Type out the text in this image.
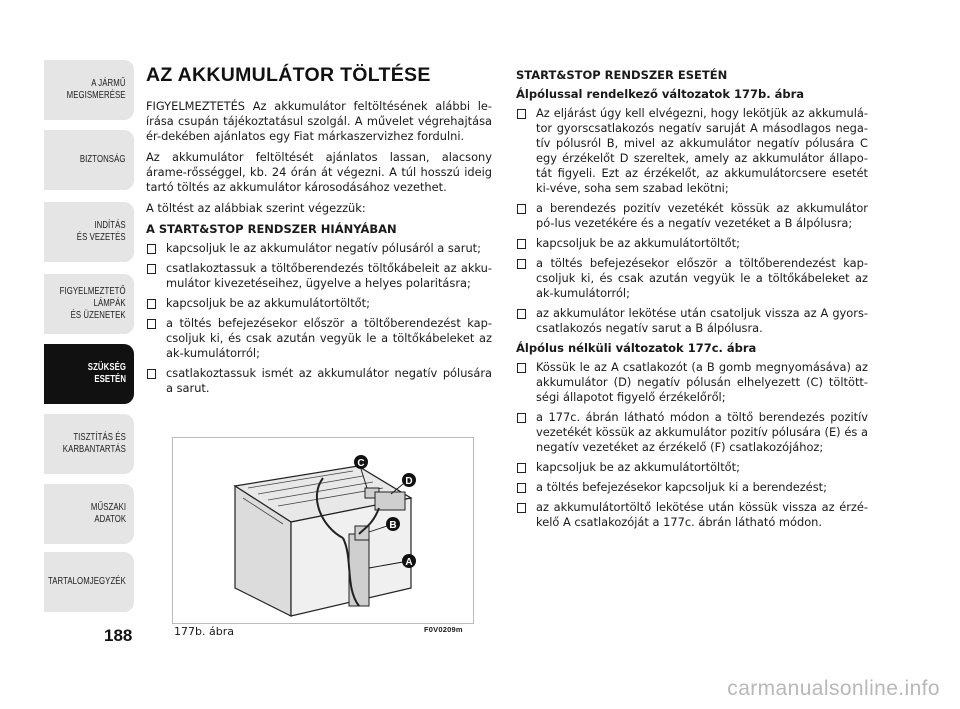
A JÁRMŰ
MEGISMERÉSE
BIZTONSÁG
INDÍTÁS
ÉS VEZETÉS
FIGYELMEZTETŐ
LÁMPÁK
ÉS ÜZENETEK
SZÜKSÉG
ESETÉN
TISZTÍTÁS ÉS
KARBANTARTÁS
MŰSZAKI
ADATOK
TARTALOMJEGYZÉK
188
AZ AKKUMULÁTOR TÖLTÉSE

FIGYELMEZTETÉS Az akkumulátor feltöltésének alábbi le-írása csupán tájékoztatásul szolgál. A művelet végrehajtása ér-dekében ajánlatos egy Fiat márkaszervizhez fordulni.

Az akkumulátor feltöltését ajánlatos lassan, alacsony árame-rősséggel, kb. 24 órán át végezni. A túl hosszú ideig tartó töltés az akkumulátor károsodásához vezethet.

A töltést az alábbiak szerint végezzük:

A START&STOP RENDSZER HIÁNYÁBAN
kapcsoljuk le az akkumulátor negatív pólusáról a sarut;
csatlakoztassuk a töltőberendezés töltőkábeleit az akku-mulátor kivezetéseihez, ügyelve a helyes polaritásra;
kapcsoljuk be az akkumulátortöltőt;
a töltés befejezésekor először a töltőberendezést kap-csoljuk ki, és csak azután vegyük le a töltőkábeleket az ak-kumulátorról;
csatlakoztassuk ismét az akkumulátor negatív pólusára a sarut.
C
D
B
A
177b. ábra	F0V0209m
START&STOP RENDSZER ESETÉN
Álpólussal rendelkező változatok 177b. ábra
Az eljárást úgy kell elvégezni, hogy lekötjük az akkumulá-tor gyorscsatlakozós negatív saruját A másodlagos nega-tív pólusról B, mivel az akkumulátor negatív pólusára C egy érzékelőt D szereltek, amely az akkumulátor állapo-tát figyeli. Ezt az érzékelőt, az akkumulátorcsere esetét ki-véve, soha sem szabad lekötni;
a berendezés pozitív vezetékét kössük az akkumulátor pó-lus vezetékére és a negatív vezetéket a B álpólusra;
kapcsoljuk be az akkumulátortöltőt;
a töltés befejezésekor először a töltőberendezést kap-csoljuk ki, és csak azután vegyük le a töltőkábeleket az ak-kumulátorról;
az akkumulátor lekötése után csatoljuk vissza az A gyors-csatlakozós negatív sarut a B álpólusra.
Álpólus nélküli változatok 177c. ábra
Kössük le az A csatlakozót (a B gomb megnyomásáva) az akkumulátor (D) negatív pólusán elhelyezett (C) töltött-ségi állapotot figyelő érzékelőről;
a 177c. ábrán látható módon a töltő berendezés pozitív vezetékét kössük az akkumulátor pozitív pólusára (E) és a negatív vezetéket az érzékelő (F) csatlakozójához;
kapcsoljuk be az akkumulátortöltőt;
a töltés befejezésekor kapcsoljuk ki a berendezést;
az akkumulátortöltő lekötése után kössük vissza az érzé-kelő A csatlakozóját a 177c. ábrán látható módon.
carmanualsonline.info
